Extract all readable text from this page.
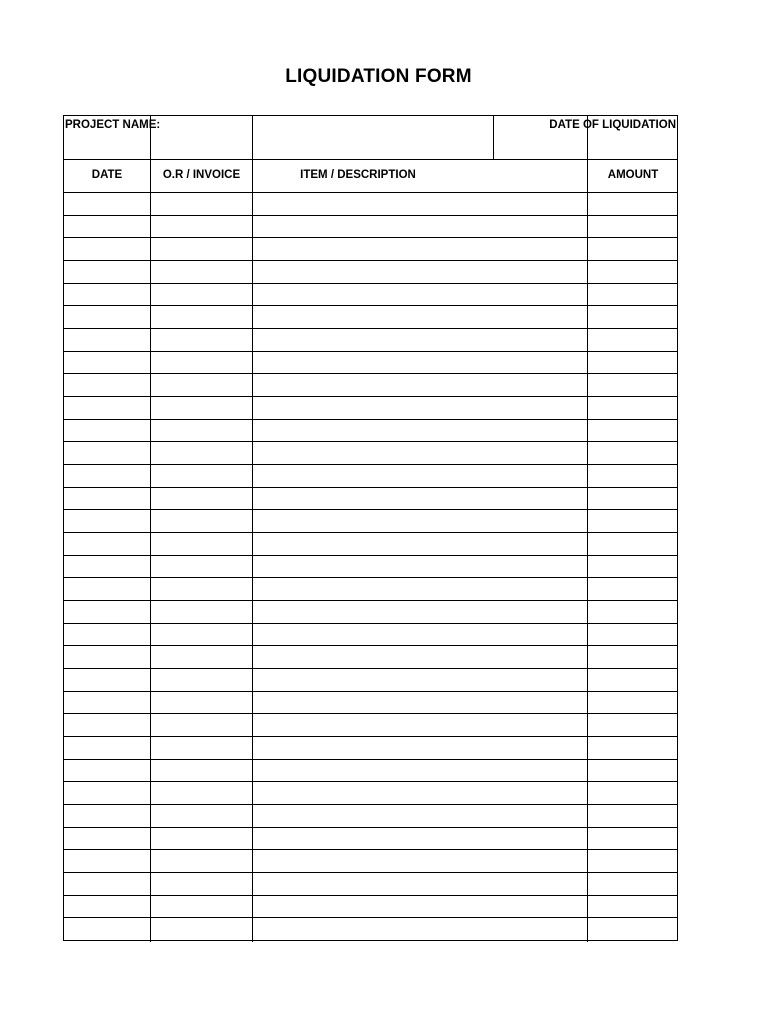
LIQUIDATION FORM
PROJECT NAME:	DATE OF LIQUIDATION
DATE	O.R / INVOICE	ITEM / DESCRIPTION	AMOUNT
